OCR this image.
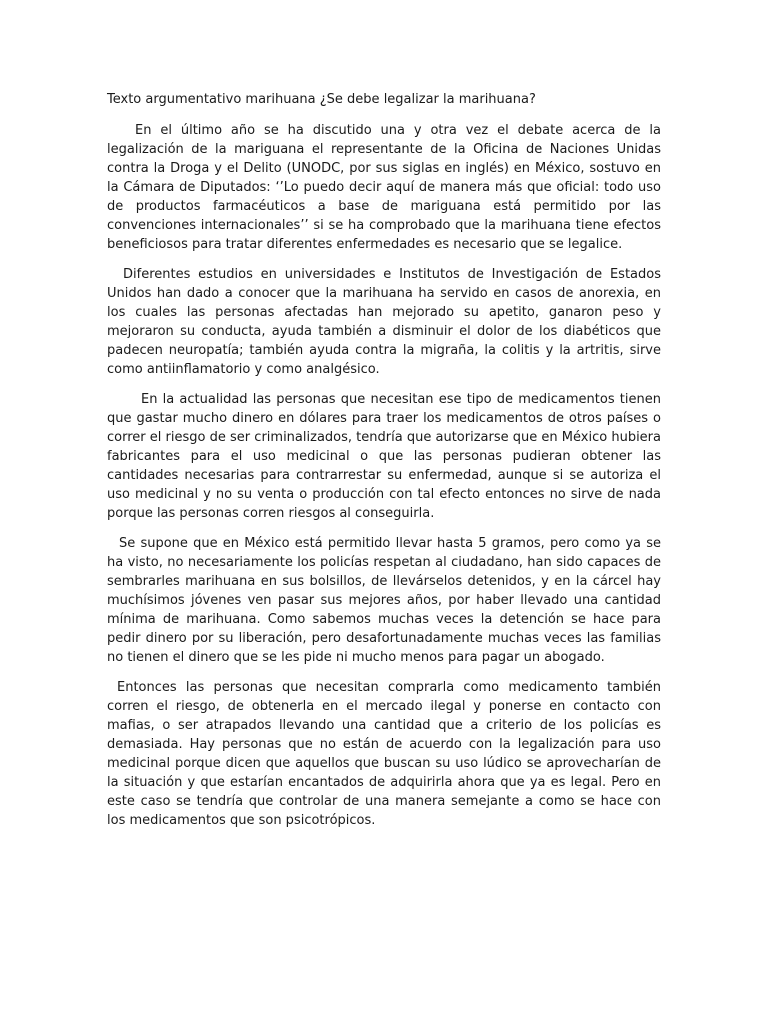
Texto argumentativo marihuana ¿Se debe legalizar la marihuana?

En el último año se ha discutido una y otra vez el debate acerca de la legalización de la mariguana el representante de la Oficina de Naciones Unidas contra la Droga y el Delito (UNODC, por sus siglas en inglés) en México, sostuvo en la Cámara de Diputados: ‘’Lo puedo decir aquí de manera más que oficial: todo uso de productos farmacéuticos a base de mariguana está permitido por las convenciones internacionales’’ si se ha comprobado que la marihuana tiene efectos beneficiosos para tratar diferentes enfermedades es necesario que se legalice.

Diferentes estudios en universidades e Institutos de Investigación de Estados Unidos han dado a conocer que la marihuana ha servido en casos de anorexia, en los cuales las personas afectadas han mejorado su apetito, ganaron peso y mejoraron su conducta, ayuda también a disminuir el dolor de los diabéticos que padecen neuropatía; también ayuda contra la migraña, la colitis y la artritis, sirve como antiinflamatorio y como analgésico.

En la actualidad las personas que necesitan ese tipo de medicamentos tienen que gastar mucho dinero en dólares para traer los medicamentos de otros países o correr el riesgo de ser criminalizados, tendría que autorizarse que en México hubiera fabricantes para el uso medicinal o que las personas pudieran obtener las cantidades necesarias para contrarrestar su enfermedad, aunque si se autoriza el uso medicinal y no su venta o producción con tal efecto entonces no sirve de nada porque las personas corren riesgos al conseguirla.

Se supone que en México está permitido llevar hasta 5 gramos, pero como ya se ha visto, no necesariamente los policías respetan al ciudadano, han sido capaces de sembrarles marihuana en sus bolsillos, de llevárselos detenidos, y en la cárcel hay muchísimos jóvenes ven pasar sus mejores años, por haber llevado una cantidad mínima de marihuana. Como sabemos muchas veces la detención se hace para pedir dinero por su liberación, pero desafortunadamente muchas veces las familias no tienen el dinero que se les pide ni mucho menos para pagar un abogado.

Entonces las personas que necesitan comprarla como medicamento también corren el riesgo, de obtenerla en el mercado ilegal y ponerse en contacto con mafias, o ser atrapados llevando una cantidad que a criterio de los policías es demasiada. Hay personas que no están de acuerdo con la legalización para uso medicinal porque dicen que aquellos que buscan su uso lúdico se aprovecharían de la situación y que estarían encantados de adquirirla ahora que ya es legal. Pero en este caso se tendría que controlar de una manera semejante a como se hace con los medicamentos que son psicotrópicos.
